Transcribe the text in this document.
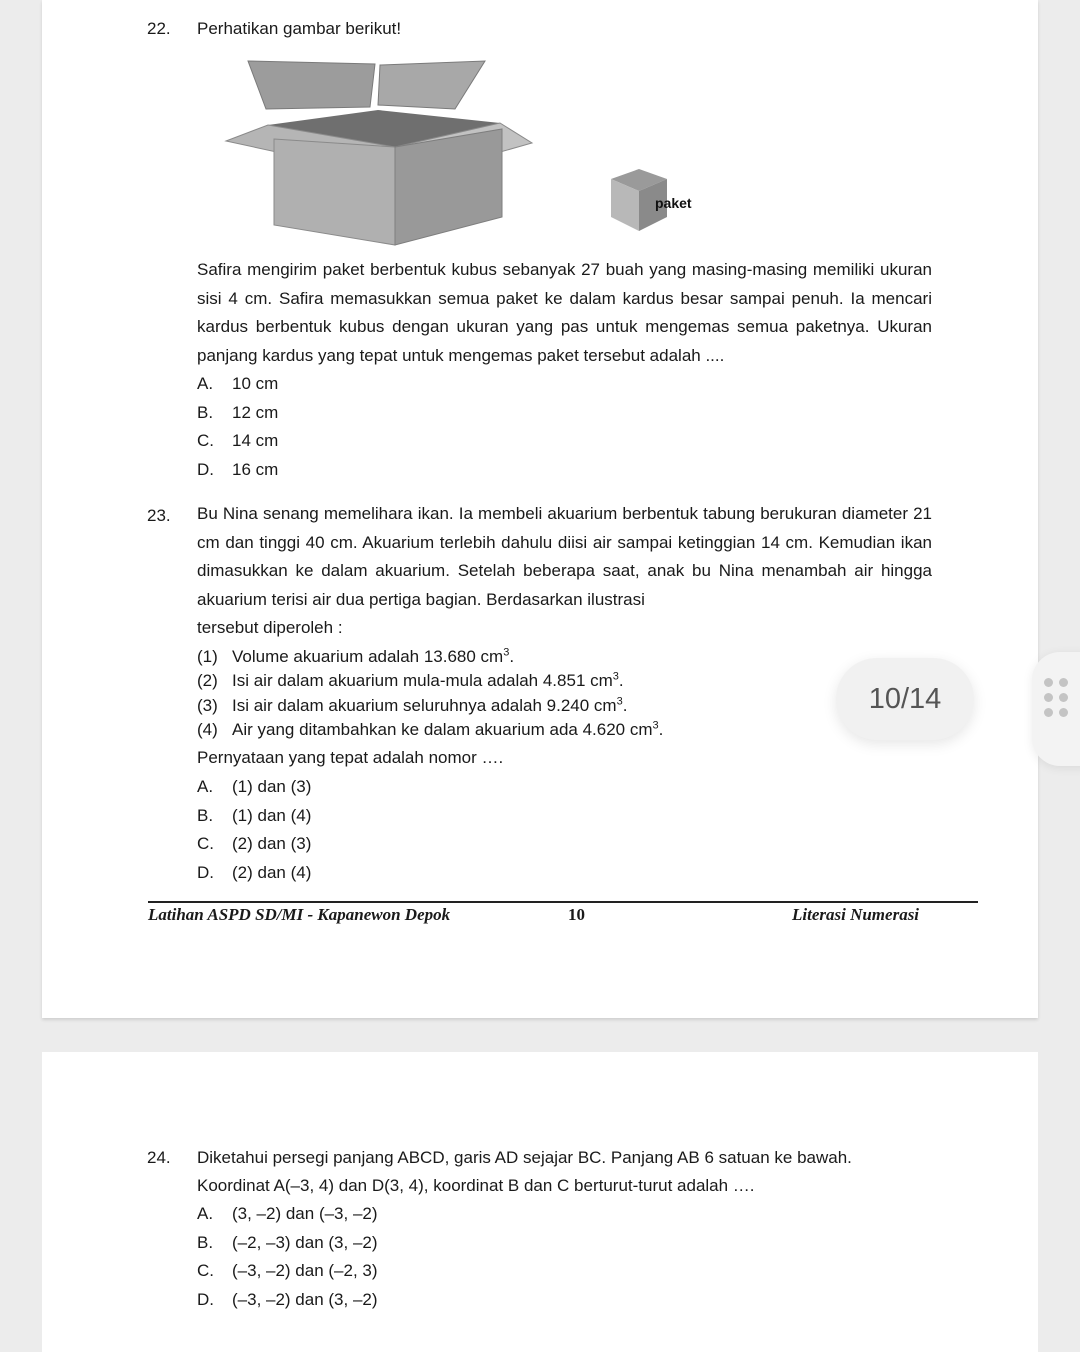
22. Perhatikan gambar berikut!
paket
Safira mengirim paket berbentuk kubus sebanyak 27 buah yang masing-masing memiliki ukuran sisi 4 cm. Safira memasukkan semua paket ke dalam kardus besar sampai penuh. Ia mencari kardus berbentuk kubus dengan ukuran yang pas untuk mengemas semua paketnya. Ukuran panjang kardus yang tepat untuk mengemas paket tersebut adalah ....
A. 10 cm
B. 12 cm
C. 14 cm
D. 16 cm
23. Bu Nina senang memelihara ikan. Ia membeli akuarium berbentuk tabung berukuran diameter 21 cm dan tinggi 40 cm. Akuarium terlebih dahulu diisi air sampai ketinggian 14 cm. Kemudian ikan dimasukkan ke dalam akuarium. Setelah beberapa saat, anak bu Nina menambah air hingga akuarium terisi air dua pertiga bagian. Berdasarkan ilustrasi
tersebut diperoleh :
(1) Volume akuarium adalah 13.680 $cm^3$.
(2) Isi air dalam akuarium mula-mula adalah 4.851 $cm^3$.
(3) Isi air dalam akuarium seluruhnya adalah 9.240 $cm^3$.
(4) Air yang ditambahkan ke dalam akuarium ada 4.620 $cm^3$.
Pernyataan yang tepat adalah nomor ….
A. (1) dan (3)
B. (1) dan (4)
C. (2) dan (3)
D. (2) dan (4)
Latihan ASPD SD/MI - Kapanewon Depok	10	Literasi Numerasi
24. Diketahui persegi panjang ABCD, garis AD sejajar BC. Panjang AB 6 satuan ke bawah.
Koordinat A(–3, 4) dan D(3, 4), koordinat B dan C berturut-turut adalah ….
A. (3, –2) dan (–3, –2)
B. (–2, –3) dan (3, –2)
C. (–3, –2) dan (–2, 3)
D. (–3, –2) dan (3, –2)
10/14
